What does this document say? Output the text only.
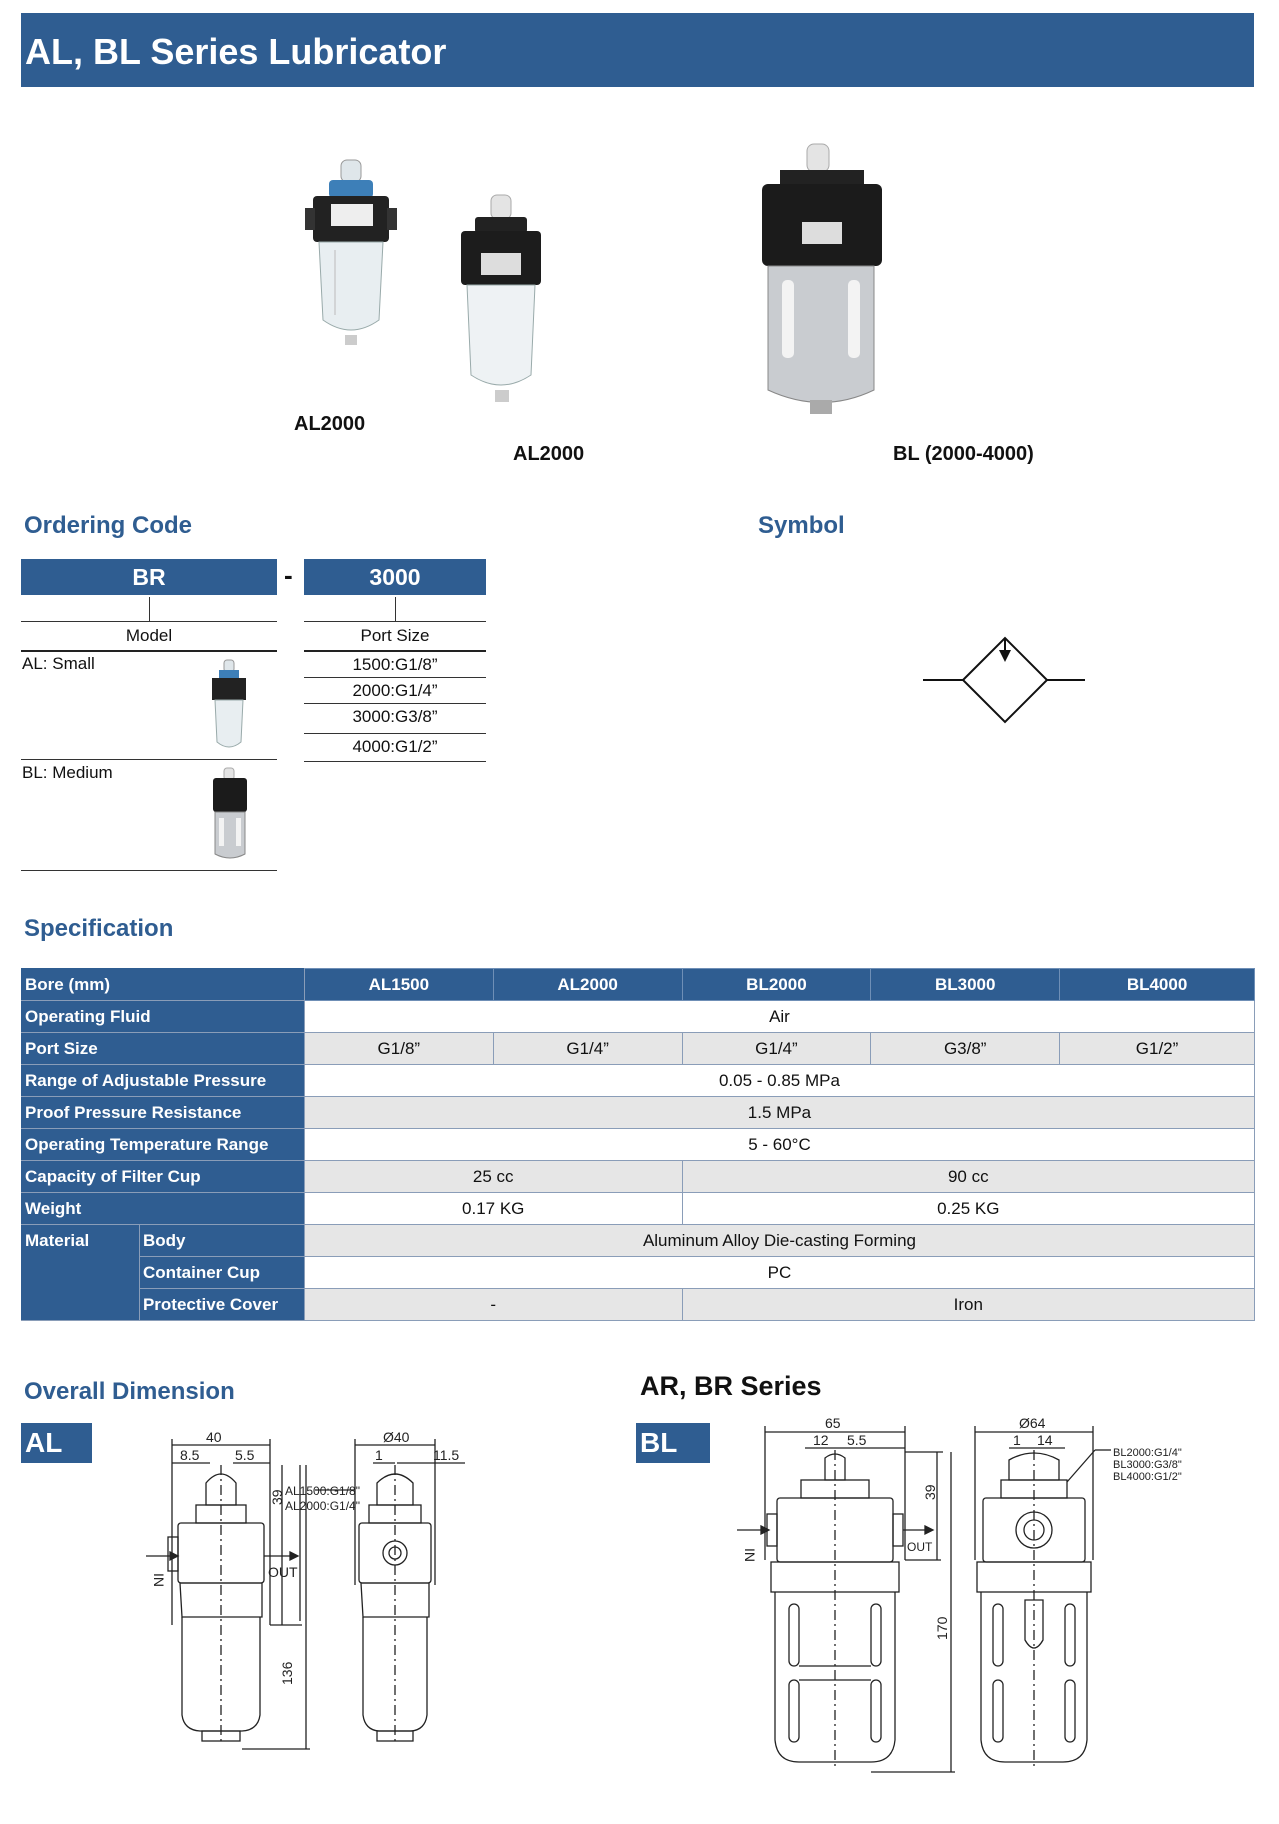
AL, BL Series Lubricator
AL2000
AL2000	BL (2000-4000)
Ordering Code
BR	-	3000
Model	Port Size
AL: Small
BL: Medium
1500:G1/8”
2000:G1/4”
3000:G3/8”
4000:G1/2”
Symbol
Specification
Bore (mm)		AL1500	AL2000	BL2000	BL3000	BL4000
Operating Fluid		Air				
Port Size		G1/8”	G1/4”	G1/4”	G3/8”	G1/2”
Range of Adjustable Pressure		0.05 - 0.85 MPa				
Proof Pressure Resistance		1.5 MPa				
Operating Temperature Range		5 - 60°C				
Capacity of Filter Cup		25 cc		90 cc		
Weight		0.17 KG		0.25 KG		
Material	Body	Aluminum Alloy Die-casting Forming				
	Container Cup	PC				
	Protective Cover	-		Iron		
Overall Dimension	AR, BR Series
AL	BL
40
8.5	5.5
IN	OUT
39
136
Ø40
1	11.5
AL1500:G1/8"
AL2000:G1/4"
65
12 5.5
IN
OUT
39
170
Ø64
1 14
BL2000:G1/4"
BL3000:G3/8"
BL4000:G1/2"
